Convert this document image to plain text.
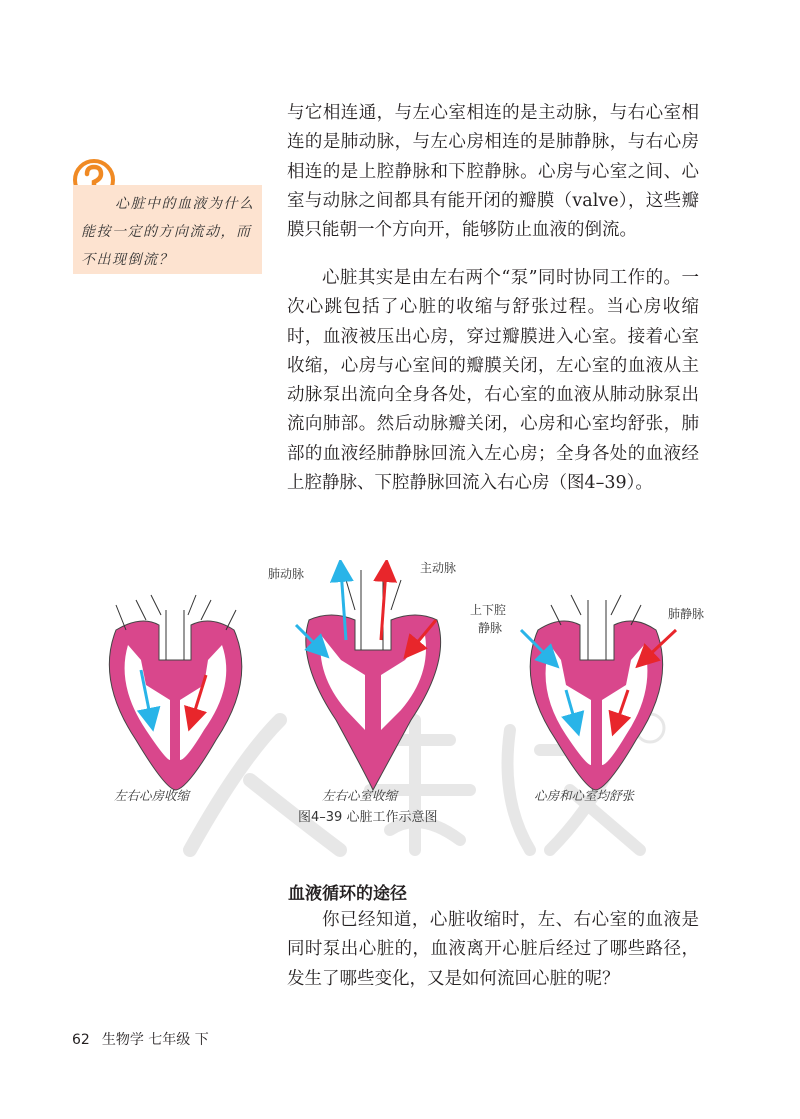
与它相连通，与左心室相连的是主动脉，与右心室相连的是肺动脉，与左心房相连的是肺静脉，与右心房相连的是上腔静脉和下腔静脉。心房与心室之间、心室与动脉之间都具有能开闭的瓣膜（valve），这些瓣膜只能朝一个方向开，能够防止血液的倒流。

心脏中的血液为什么能按一定的方向流动，而不出现倒流？

心脏其实是由左右两个“泵”同时协同工作的。一次心跳包括了心脏的收缩与舒张过程。当心房收缩时，血液被压出心房，穿过瓣膜进入心室。接着心室收缩，心房与心室间的瓣膜关闭，左心室的血液从主动脉泵出流向全身各处，右心室的血液从肺动脉泵出流向肺部。然后动脉瓣关闭，心房和心室均舒张，肺部的血液经肺静脉回流入左心房；全身各处的血液经上腔静脉、下腔静脉回流入右心房（图4–39）。

肺动脉	主动脉
上下腔
静脉
肺静脉
左右心房收缩	左右心室收缩	心房和心室均舒张
图4–39 心脏工作示意图
血液循环的途径

你已经知道，心脏收缩时，左、右心室的血液是同时泵出心脏的，血液离开心脏后经过了哪些路径，发生了哪些变化，又是如何流回心脏的呢？

62 生物学 七年级 下
